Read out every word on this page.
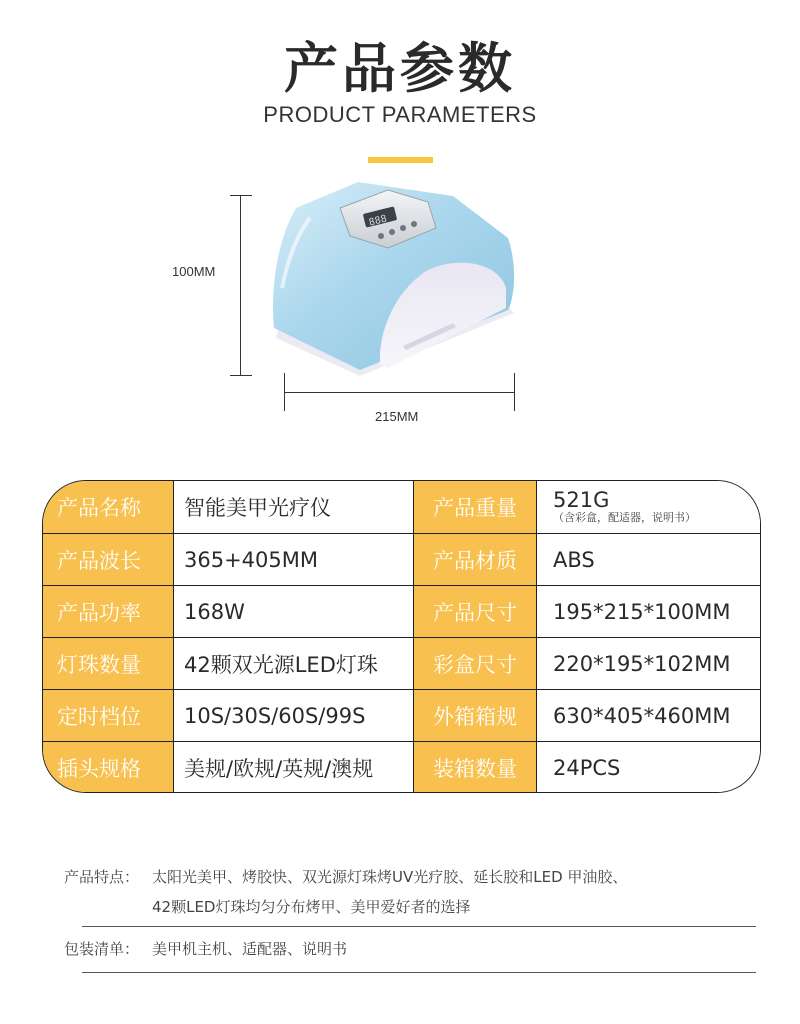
产品参数
PRODUCT PARAMETERS
100MM
215MM
888
产品名称	智能美甲光疗仪	产品重量	521G
（含彩盒，配适器，说明书）
产品波长	365+405MM	产品材质	ABS
产品功率	168W	产品尺寸	195*215*100MM
灯珠数量	42颗双光源LED灯珠	彩盒尺寸	220*195*102MM
定时档位	10S/30S/60S/99S	外箱箱规	630*405*460MM
插头规格	美规/欧规/英规/澳规	装箱数量	24PCS
产品特点： 太阳光美甲、烤胶快、双光源灯珠烤UV光疗胶、延长胶和LED 甲油胶、
42颗LED灯珠均匀分布烤甲、美甲爱好者的选择
包装清单： 美甲机主机、适配器、说明书
